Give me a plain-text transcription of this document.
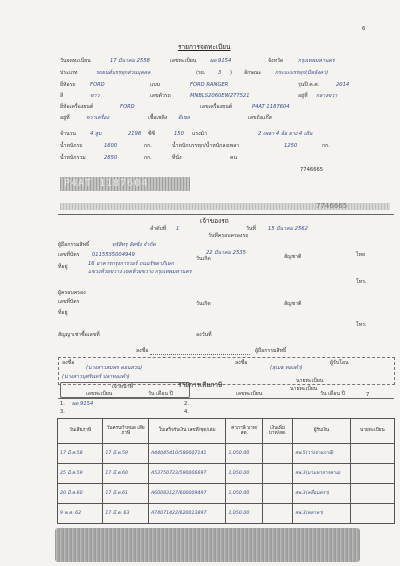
6
รายการจดทะเบียน
วันจดทะเบียน	17 มีนาคม 2558	เลขทะเบียน	ผด 9154	จังหวัด	กรุงเทพมหานคร
ประเภท	รถยนต์บรรทุกส่วนบุคคล	(รย. 3 ) ลักษณะ	กระบะบรรทุก(มีหลังคา)
ยี่ห้อรถ	FORD	แบบ	FORD RANGER	รุ่นปี ค.ศ.	2014
สี	ขาว	เลขตัวรถ	MNBLS2060EW277521	อยู่ที่ กลางขวา
ยี่ห้อเครื่องยนต์	FORD	เลขเครื่องยนต์	P4AT 1187604
อยู่ที่	ขวาเครื่อง	เชื้อเพลิง ดีเซล	เลขถังแก๊ส
จำนวน	4 สูบ	2198 ซีซี	150 แรงม้า	2 เพลา 4 ล้อ ยาง 4 เส้น
น้ำหนักรถ	1600	กก.	น้ำหนักบรรทุก/น้ำหนักลงเพลา	1250	กก.
น้ำหนักรวม	2850	กก.	ที่นั่ง	คน
7746665
P4AT 1187604
7746665
เจ้าของรถ
ลำดับที่ 1	วันที่ 15 มีนาคม 2562
วันที่ครอบครองรถ
ผู้ถือกรรมสิทธิ์	ทรัสิทรุ ลิสซิ่ง จำกัด
เลขที่บัตร 0115535004949
วันเกิด
22 มีนาคม 2535
สัญชาติ	ไทย
ที่อยู่	16 อาคารกรุงการวอร์ ถนนรัชดาภิเษก
แขวงห้วยขวาง เขตห้วยขวาง กรุงเทพมหานคร
โทร.
ผู้ครอบครอง
เลขที่บัตร	วันเกิด	สัญชาติ
ที่อยู่
โทร.
สัญญาเช่าซื้อเลขที่	ลงวันที่
ลงชื่อ	ผู้ถือกรรมสิทธิ์
ลงชื่อ
(นางสาวสมพร ดอนสวน)
ลงชื่อ
(สุเมธ ทองดำ)
ผู้รับโอน
(นางสาวบุศรินทร์ ปลาทองคำ)
นายทะเบียน
รายการเสียภาษี
เลขทะเบียน
เจ้าหน้าที่
วัน เดือน ปี	เลขทะเบียน
นายทะเบียน
วัน เดือน ปี	7
1. ผด 9154	2.
3.	4.
วันเสียภาษี	วันครบกำหนด เสียภาษี	ใบเสร็จรับเงิน เลขที่/ชุด/เล่ม	ค่าภาษี บาท/สต.	เงินเพิ่ม บาท/สต.	ผู้รับเงิน	นายทะเบียน
17 มี.ค.58	17 มี.ค.59	A44045410/580007141	1,050.00		สพ.5(วางจ่ายภาษี)	
25 มี.ค.59	17 มี.ค.60	A53750723/590006697	1,050.00		สพ.3(มามหาสารคาม)	
20 มี.ค.60	17 มี.ค.61	A60083127/600009497	1,050.00		สพ.3(คลื่อนครา)	
9 พ.ค. 62	17 มี.ค. 63	A74071422/620013897	1,050.00		สพ.3(คลาหา)	
